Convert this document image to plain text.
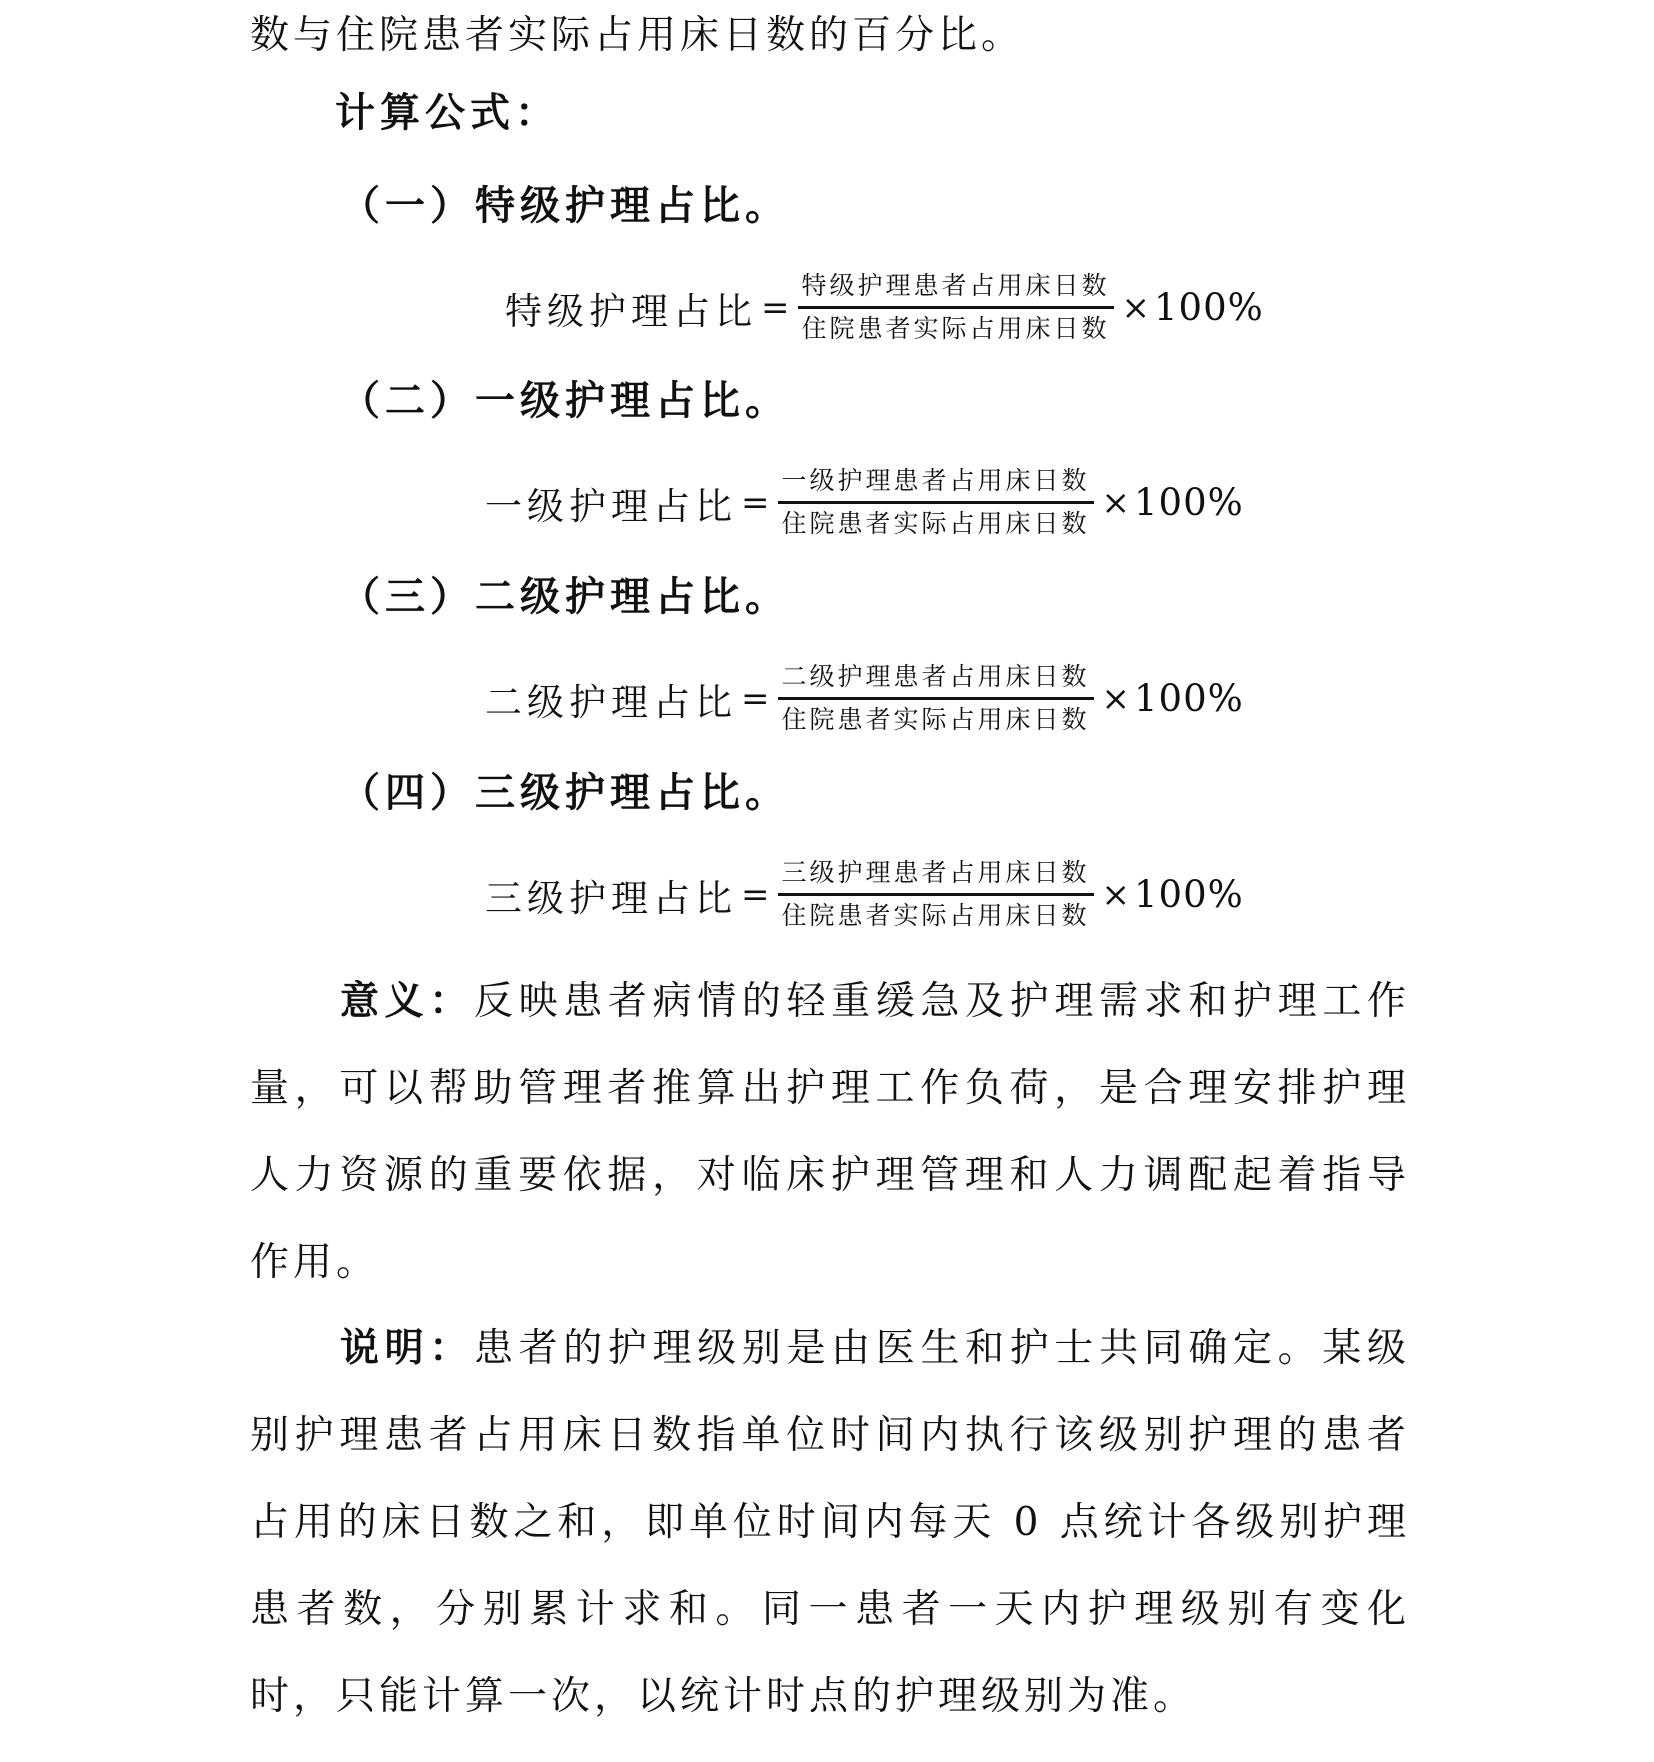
数与住院患者实际占用床日数的百分比。
计算公式：
（一）特级护理占比。
特级护理占比 = $\frac{\text{特级护理患者占用床日数}}{\text{住院患者实际占用床日数}} \times 100\%$
（二）一级护理占比。
一级护理占比 = $\frac{\text{一级护理患者占用床日数}}{\text{住院患者实际占用床日数}} \times 100\%$
（三）二级护理占比。
二级护理占比 = $\frac{\text{二级护理患者占用床日数}}{\text{住院患者实际占用床日数}} \times 100\%$
（四）三级护理占比。
三级护理占比 = $\frac{\text{三级护理患者占用床日数}}{\text{住院患者实际占用床日数}} \times 100\%$

意义：反映患者病情的轻重缓急及护理需求和护理工作量，可以帮助管理者推算出护理工作负荷，是合理安排护理人力资源的重要依据，对临床护理管理和人力调配起着指导作用。

说明：患者的护理级别是由医生和护士共同确定。某级别护理患者占用床日数指单位时间内执行该级别护理的患者占用的床日数之和，即单位时间内每天 0 点统计各级别护理患者数，分别累计求和。同一患者一天内护理级别有变化时，只能计算一次，以统计时点的护理级别为准。
